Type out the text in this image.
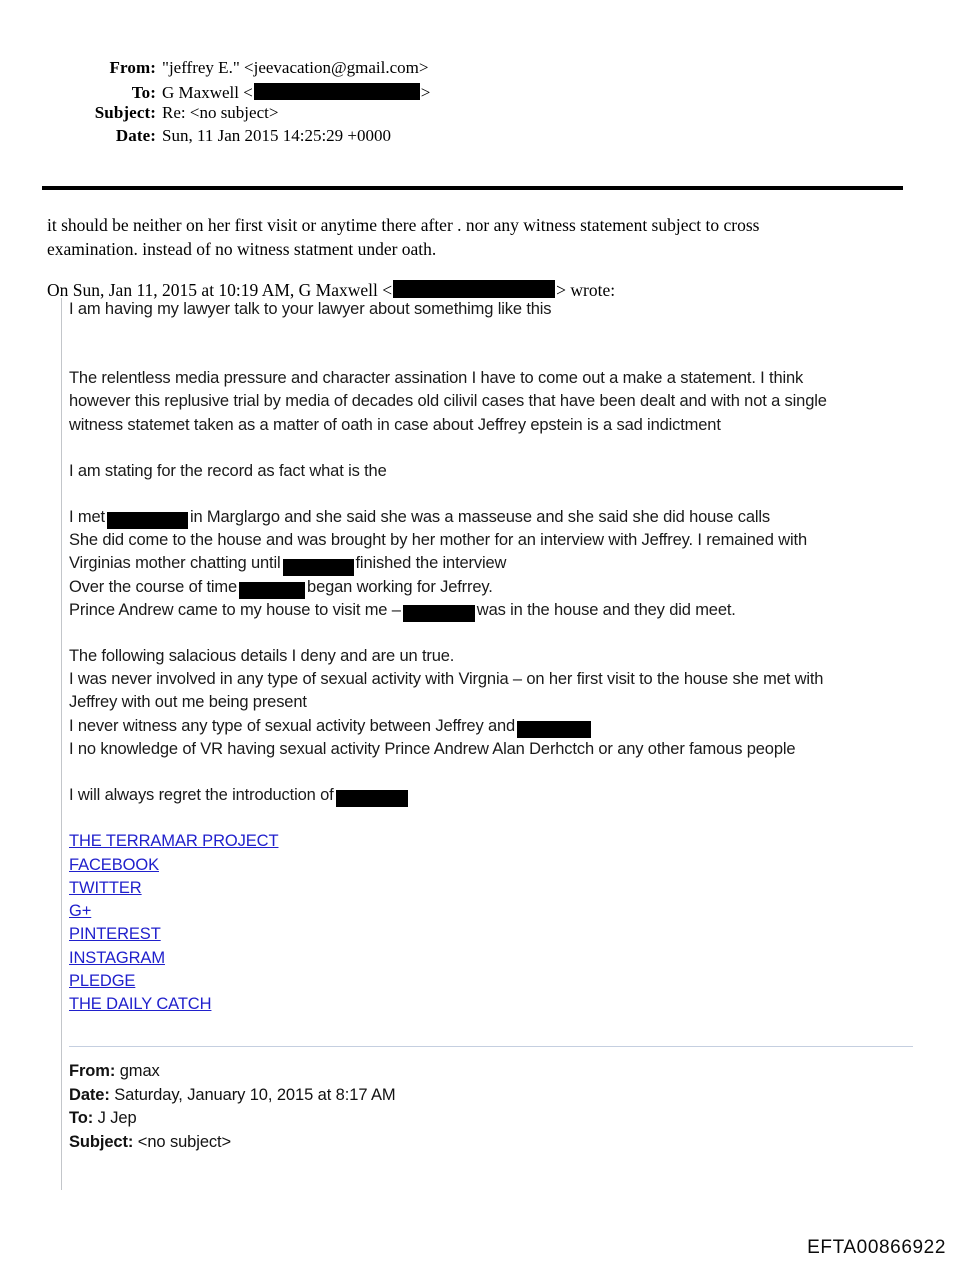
From: "jeffrey E." <jeevacation@gmail.com>
To: G Maxwell <	>
Subject: Re: <no subject>
Date: Sun, 11 Jan 2015 14:25:29 +0000
it should be neither on her first visit or anytime there after . nor any witness statement subject to cross
examination. instead of no witness statment under oath.
On Sun, Jan 11, 2015 at 10:19 AM, G Maxwell <	> wrote:
I am having my lawyer talk to your lawyer about somethimg like this
The relentless media pressure and character assination I have to come out a make a statement. I think
however this replusive trial by media of decades old cilivil cases that have been dealt and with not a single
witness statemet taken as a matter of oath in case about Jeffrey epstein is a sad indictment
I am stating for the record as fact what is the
I met	in Marglargo and she said she was a masseuse and she said she did house calls
She did come to the house and was brought by her mother for an interview with Jeffrey. I remained with
Virginias mother chatting until	finished the interview
Over the course of time	began working for Jefrrey.
Prince Andrew came to my house to visit me –	was in the house and they did meet.
The following salacious details I deny and are un true.
I was never involved in any type of sexual activity with Virgnia – on her first visit to the house she met with
Jeffrey with out me being present
I never witness any type of sexual activity between Jeffrey and
I no knowledge of VR having sexual activity Prince Andrew Alan Derhctch or any other famous people
I will always regret the introduction of
THE TERRAMAR PROJECT
FACEBOOK
TWITTER
G+
PINTEREST
INSTAGRAM
PLEDGE
THE DAILY CATCH
From: gmax
Date: Saturday, January 10, 2015 at 8:17 AM
To: J Jep
Subject: <no subject>
EFTA00866922
